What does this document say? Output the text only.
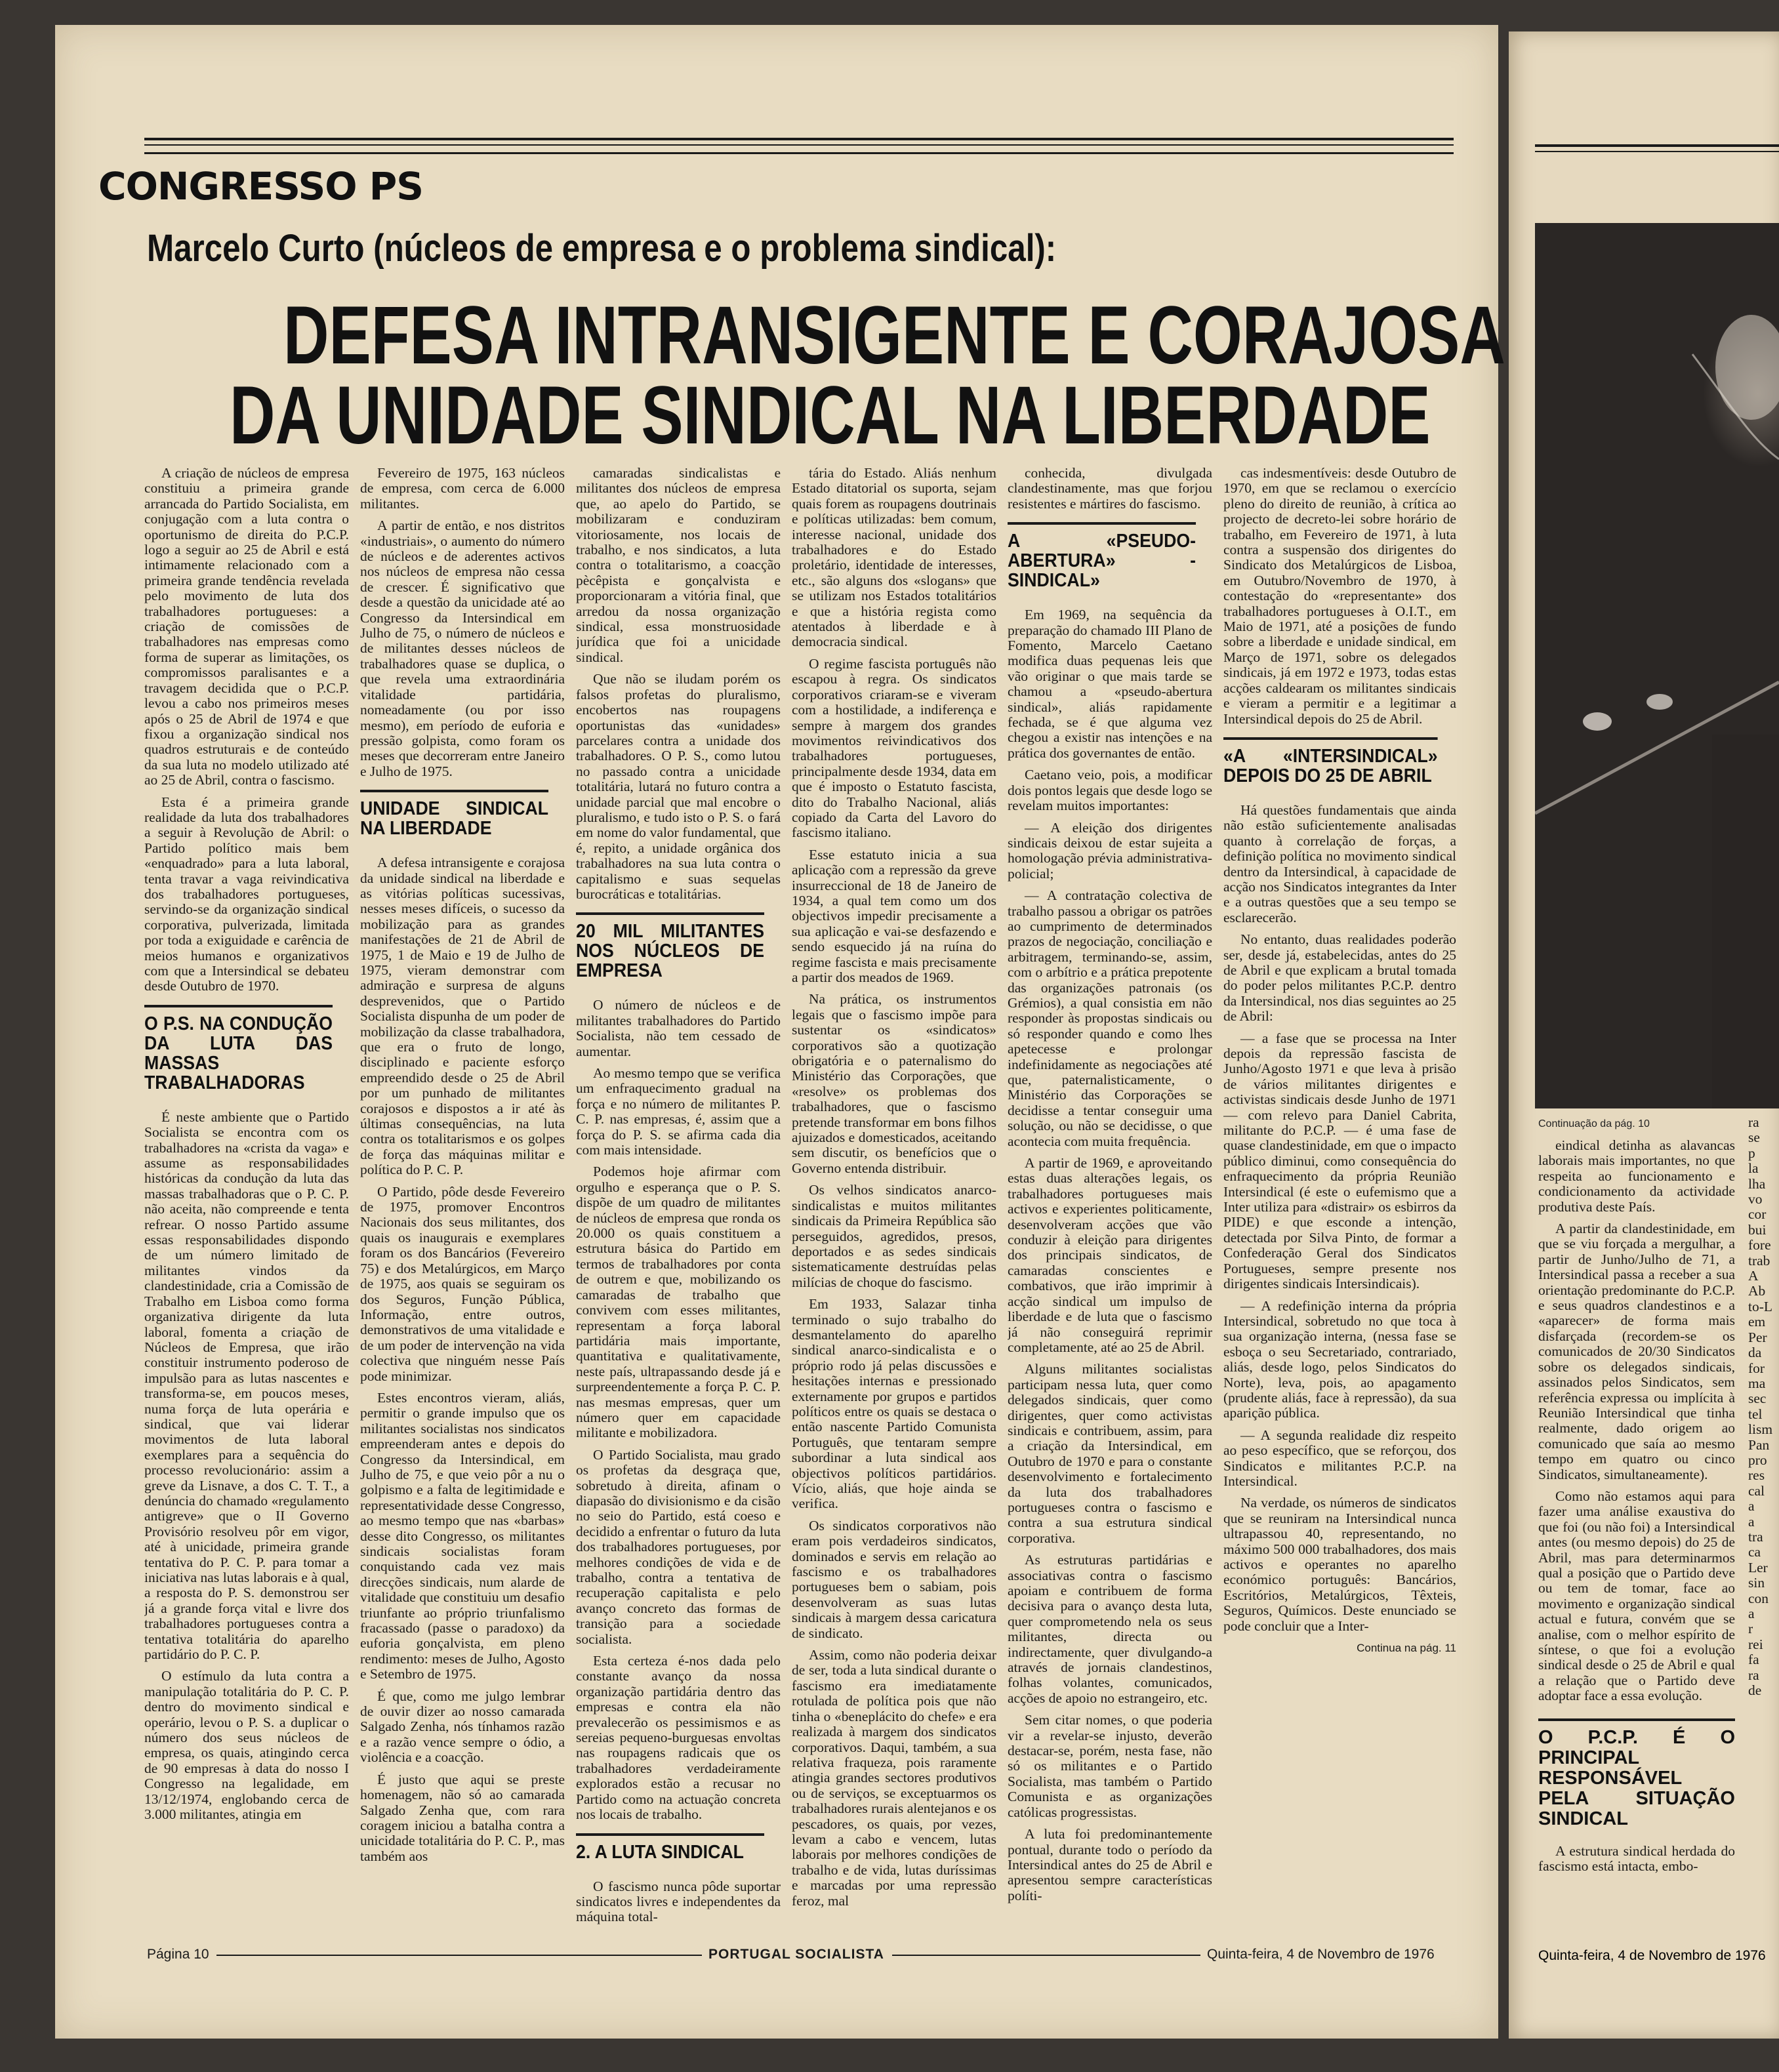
CONGRESSO PS
Marcelo Curto (núcleos de empresa e o problema sindical):
DEFESA INTRANSIGENTE E CORAJOSA
DA UNIDADE SINDICAL NA LIBERDADE

A criação de núcleos de empresa constituiu a primeira grande arrancada do Partido Socialista, em conjugação com a luta contra o oportunismo de direita do P.C.P. logo a seguir ao 25 de Abril e está intimamente relacionado com a primeira grande tendência revelada pelo movimento de luta dos trabalhadores portugueses: a criação de comissões de trabalhadores nas empresas como forma de superar as limitações, os compromissos paralisantes e a travagem decidida que o P.C.P. levou a cabo nos primeiros meses após o 25 de Abril de 1974 e que fixou a organização sindical nos quadros estruturais e de conteúdo da sua luta no modelo utilizado até ao 25 de Abril, contra o fascismo.

Esta é a primeira grande realidade da luta dos trabalhadores a seguir à Revolução de Abril: o Partido político mais bem «enquadrado» para a luta laboral, tenta travar a vaga reivindicativa dos trabalhadores portugueses, servindo-se da organização sindical corporativa, pulverizada, limitada por toda a exiguidade e carência de meios humanos e organizativos com que a Intersindical se debateu desde Outubro de 1970.

O P.S. NA CONDUÇÃO DA LUTA DAS MASSAS TRABALHADORAS

É neste ambiente que o Partido Socialista se encontra com os trabalhadores na «crista da vaga» e assume as responsabilidades históricas da condução da luta das massas trabalhadoras que o P. C. P. não aceita, não compreende e tenta refrear. O nosso Partido assume essas responsabilidades dispondo de um número limitado de militantes vindos da clandestinidade, cria a Comissão de Trabalho em Lisboa como forma organizativa dirigente da luta laboral, fomenta a criação de Núcleos de Empresa, que irão constituir instrumento poderoso de impulsão para as lutas nascentes e transforma-se, em poucos meses, numa força de luta operária e sindical, que vai liderar movimentos de luta laboral exemplares para a sequência do processo revolucionário: assim a greve da Lisnave, a dos C. T. T., a denúncia do chamado «regulamento antigreve» que o II Governo Provisório resolveu pôr em vigor, até à unicidade, primeira grande tentativa do P. C. P. para tomar a iniciativa nas lutas laborais e à qual, a resposta do P. S. demonstrou ser já a grande força vital e livre dos trabalhadores portugueses contra a tentativa totalitária do aparelho partidário do P. C. P.

O estímulo da luta contra a manipulação totalitária do P. C. P. dentro do movimento sindical e operário, levou o P. S. a duplicar o número dos seus núcleos de empresa, os quais, atingindo cerca de 90 empresas à data do nosso I Congresso na legalidade, em 13/12/1974, englobando cerca de 3.000 militantes, atingia em

Fevereiro de 1975, 163 núcleos de empresa, com cerca de 6.000 militantes.

A partir de então, e nos distritos «industriais», o aumento do número de núcleos e de aderentes activos nos núcleos de empresa não cessa de crescer. É significativo que desde a questão da unicidade até ao Congresso da Intersindical em Julho de 75, o número de núcleos e de militantes desses núcleos de trabalhadores quase se duplica, o que revela uma extraordinária vitalidade partidária, nomeadamente (ou por isso mesmo), em período de euforia e pressão golpista, como foram os meses que decorreram entre Janeiro e Julho de 1975.

UNIDADE SINDICAL NA LIBERDADE

A defesa intransigente e corajosa da unidade sindical na liberdade e as vitórias políticas sucessivas, nesses meses difíceis, o sucesso da mobilização para as grandes manifestações de 21 de Abril de 1975, 1 de Maio e 19 de Julho de 1975, vieram demonstrar com admiração e surpresa de alguns desprevenidos, que o Partido Socialista dispunha de um poder de mobilização da classe trabalhadora, que era o fruto de longo, disciplinado e paciente esforço empreendido desde o 25 de Abril por um punhado de militantes corajosos e dispostos a ir até às últimas consequências, na luta contra os totalitarismos e os golpes de força das máquinas militar e política do P. C. P.

O Partido, pôde desde Fevereiro de 1975, promover Encontros Nacionais dos seus militantes, dos quais os inaugurais e exemplares foram os dos Bancários (Fevereiro 75) e dos Metalúrgicos, em Março de 1975, aos quais se seguiram os dos Seguros, Função Pública, Informação, entre outros, demonstrativos de uma vitalidade e de um poder de intervenção na vida colectiva que ninguém nesse País pode minimizar.

Estes encontros vieram, aliás, permitir o grande impulso que os militantes socialistas nos sindicatos empreenderam antes e depois do Congresso da Intersindical, em Julho de 75, e que veio pôr a nu o golpismo e a falta de legitimidade e representatividade desse Congresso, ao mesmo tempo que nas «barbas» desse dito Congresso, os militantes sindicais socialistas foram conquistando cada vez mais direcções sindicais, num alarde de vitalidade que constituiu um desafio triunfante ao próprio triunfalismo fracassado (passe o paradoxo) da euforia gonçalvista, em pleno rendimento: meses de Julho, Agosto e Setembro de 1975.

É que, como me julgo lembrar de ouvir dizer ao nosso camarada Salgado Zenha, nós tínhamos razão e a razão vence sempre o ódio, a violência e a coacção.

É justo que aqui se preste homenagem, não só ao camarada Salgado Zenha que, com rara coragem iniciou a batalha contra a unicidade totalitária do P. C. P., mas também aos

camaradas sindicalistas e militantes dos núcleos de empresa que, ao apelo do Partido, se mobilizaram e conduziram vitoriosamente, nos locais de trabalho, e nos sindicatos, a luta contra o totalitarismo, a coacção pècêpista e gonçalvista e proporcionaram a vitória final, que arredou da nossa organização sindical, essa monstruosidade jurídica que foi a unicidade sindical.

Que não se iludam porém os falsos profetas do pluralismo, encobertos nas roupagens oportunistas das «unidades» parcelares contra a unidade dos trabalhadores. O P. S., como lutou no passado contra a unicidade totalitária, lutará no futuro contra a unidade parcial que mal encobre o pluralismo, e tudo isto o P. S. o fará em nome do valor fundamental, que é, repito, a unidade orgânica dos trabalhadores na sua luta contra o capitalismo e suas sequelas burocráticas e totalitárias.

20 MIL MILITANTES NOS NÚCLEOS DE EMPRESA

O número de núcleos e de militantes trabalhadores do Partido Socialista, não tem cessado de aumentar.

Ao mesmo tempo que se verifica um enfraquecimento gradual na força e no número de militantes P. C. P. nas empresas, é, assim que a força do P. S. se afirma cada dia com mais intensidade.

Podemos hoje afirmar com orgulho e esperança que o P. S. dispõe de um quadro de militantes de núcleos de empresa que ronda os 20.000 os quais constituem a estrutura básica do Partido em termos de trabalhadores por conta de outrem e que, mobilizando os camaradas de trabalho que convivem com esses militantes, representam a força laboral partidária mais importante, quantitativa e qualitativamente, neste país, ultrapassando desde já e surpreendentemente a força P. C. P. nas mesmas empresas, quer um número quer em capacidade militante e mobilizadora.

O Partido Socialista, mau grado os profetas da desgraça que, sobretudo à direita, afinam o diapasão do divisionismo e da cisão no seio do Partido, está coeso e decidido a enfrentar o futuro da luta dos trabalhadores portugueses, por melhores condições de vida e de trabalho, contra a tentativa de recuperação capitalista e pelo avanço concreto das formas de transição para a sociedade socialista.

Esta certeza é-nos dada pelo constante avanço da nossa organização partidária dentro das empresas e contra ela não prevalecerão os pessimismos e as sereias pequeno-burguesas envoltas nas roupagens radicais que os trabalhadores verdadeiramente explorados estão a recusar no Partido como na actuação concreta nos locais de trabalho.

2. A LUTA SINDICAL

O fascismo nunca pôde suportar sindicatos livres e independentes da máquina total-

tária do Estado. Aliás nenhum Estado ditatorial os suporta, sejam quais forem as roupagens doutrinais e políticas utilizadas: bem comum, interesse nacional, unidade dos trabalhadores e do Estado proletário, identidade de interesses, etc., são alguns dos «slogans» que se utilizam nos Estados totalitários e que a história regista como atentados à liberdade e à democracia sindical.

O regime fascista português não escapou à regra. Os sindicatos corporativos criaram-se e viveram com a hostilidade, a indiferença e sempre à margem dos grandes movimentos reivindicativos dos trabalhadores portugueses, principalmente desde 1934, data em que é imposto o Estatuto fascista, dito do Trabalho Nacional, aliás copiado da Carta del Lavoro do fascismo italiano.

Esse estatuto inicia a sua aplicação com a repressão da greve insurreccional de 18 de Janeiro de 1934, a qual tem como um dos objectivos impedir precisamente a sua aplicação e vai-se desfazendo e sendo esquecido já na ruína do regime fascista e mais precisamente a partir dos meados de 1969.

Na prática, os instrumentos legais que o fascismo impõe para sustentar os «sindicatos» corporativos são a quotização obrigatória e o paternalismo do Ministério das Corporações, que «resolve» os problemas dos trabalhadores, que o fascismo pretende transformar em bons filhos ajuizados e domesticados, aceitando sem discutir, os benefícios que o Governo entenda distribuir.

Os velhos sindicatos anarco-sindicalistas e muitos militantes sindicais da Primeira República são perseguidos, agredidos, presos, deportados e as sedes sindicais sistematicamente destruídas pelas milícias de choque do fascismo.

Em 1933, Salazar tinha terminado o sujo trabalho do desmantelamento do aparelho sindical anarco-sindicalista e o próprio rodo já pelas discussões e hesitações internas e pressionado externamente por grupos e partidos políticos entre os quais se destaca o então nascente Partido Comunista Português, que tentaram sempre subordinar a luta sindical aos objectivos políticos partidários. Vício, aliás, que hoje ainda se verifica.

Os sindicatos corporativos não eram pois verdadeiros sindicatos, dominados e servis em relação ao fascismo e os trabalhadores portugueses bem o sabiam, pois desenvolveram as suas lutas sindicais à margem dessa caricatura de sindicato.

Assim, como não poderia deixar de ser, toda a luta sindical durante o fascismo era imediatamente rotulada de política pois que não tinha o «beneplácito do chefe» e era realizada à margem dos sindicatos corporativos. Daqui, também, a sua relativa fraqueza, pois raramente atingia grandes sectores produtivos ou de serviços, se exceptuarmos os trabalhadores rurais alentejanos e os pescadores, os quais, por vezes, levam a cabo e vencem, lutas laborais por melhores condições de trabalho e de vida, lutas duríssimas e marcadas por uma repressão feroz, mal

conhecida, divulgada clandestinamente, mas que forjou resistentes e mártires do fascismo.

A «PSEUDO-ABERTURA» -SINDICAL»

Em 1969, na sequência da preparação do chamado III Plano de Fomento, Marcelo Caetano modifica duas pequenas leis que vão originar o que mais tarde se chamou a «pseudo-abertura sindical», aliás rapidamente fechada, se é que alguma vez chegou a existir nas intenções e na prática dos governantes de então.

Caetano veio, pois, a modificar dois pontos legais que desde logo se revelam muitos importantes:

— A eleição dos dirigentes sindicais deixou de estar sujeita a homologação prévia administrativa-policial;

— A contratação colectiva de trabalho passou a obrigar os patrões ao cumprimento de determinados prazos de negociação, conciliação e arbitragem, terminando-se, assim, com o arbítrio e a prática prepotente das organizações patronais (os Grémios), a qual consistia em não responder às propostas sindicais ou só responder quando e como lhes apetecesse e prolongar indefinidamente as negociações até que, paternalisticamente, o Ministério das Corporações se decidisse a tentar conseguir uma solução, ou não se decidisse, o que acontecia com muita frequência.

A partir de 1969, e aproveitando estas duas alterações legais, os trabalhadores portugueses mais activos e experientes politicamente, desenvolveram acções que vão conduzir à eleição para dirigentes dos principais sindicatos, de camaradas conscientes e combativos, que irão imprimir à acção sindical um impulso de liberdade e de luta que o fascismo já não conseguirá reprimir completamente, até ao 25 de Abril.

Alguns militantes socialistas participam nessa luta, quer como delegados sindicais, quer como dirigentes, quer como activistas sindicais e contribuem, assim, para a criação da Intersindical, em Outubro de 1970 e para o constante desenvolvimento e fortalecimento da luta dos trabalhadores portugueses contra o fascismo e contra a sua estrutura sindical corporativa.

As estruturas partidárias e associativas contra o fascismo apoiam e contribuem de forma decisiva para o avanço desta luta, quer comprometendo nela os seus militantes, directa ou indirectamente, quer divulgando-a através de jornais clandestinos, folhas volantes, comunicados, acções de apoio no estrangeiro, etc.

Sem citar nomes, o que poderia vir a revelar-se injusto, deverão destacar-se, porém, nesta fase, não só os militantes e o Partido Socialista, mas também o Partido Comunista e as organizações católicas progressistas.

A luta foi predominantemente pontual, durante todo o período da Intersindical antes do 25 de Abril e apresentou sempre características políti-

cas indesmentíveis: desde Outubro de 1970, em que se reclamou o exercício pleno do direito de reunião, à crítica ao projecto de decreto-lei sobre horário de trabalho, em Fevereiro de 1971, à luta contra a suspensão dos dirigentes do Sindicato dos Metalúrgicos de Lisboa, em Outubro/Novembro de 1970, à contestação do «representante» dos trabalhadores portugueses à O.I.T., em Maio de 1971, até a posições de fundo sobre a liberdade e unidade sindical, em Março de 1971, sobre os delegados sindicais, já em 1972 e 1973, todas estas acções caldearam os militantes sindicais e vieram a permitir e a legitimar a Intersindical depois do 25 de Abril.

«A «INTERSINDICAL» DEPOIS DO 25 DE ABRIL

Há questões fundamentais que ainda não estão suficientemente analisadas quanto à correlação de forças, a definição política no movimento sindical dentro da Intersindical, à capacidade de acção nos Sindicatos integrantes da Inter e a outras questões que a seu tempo se esclarecerão.

No entanto, duas realidades poderão ser, desde já, estabelecidas, antes do 25 de Abril e que explicam a brutal tomada do poder pelos militantes P.C.P. dentro da Intersindical, nos dias seguintes ao 25 de Abril:

— a fase que se processa na Inter depois da repressão fascista de Junho/Agosto 1971 e que leva à prisão de vários militantes dirigentes e activistas sindicais desde Junho de 1971 — com relevo para Daniel Cabrita, militante do P.C.P. — é uma fase de quase clandestinidade, em que o impacto público diminui, como consequência do enfraquecimento da própria Reunião Intersindical (é este o eufemismo que a Inter utiliza para «distrair» os esbirros da PIDE) e que esconde a intenção, detectada por Silva Pinto, de formar a Confederação Geral dos Sindicatos Portugueses, sempre presente nos dirigentes sindicais Intersindicais).

— A redefinição interna da própria Intersindical, sobretudo no que toca à sua organização interna, (nessa fase se esboça o seu Secretariado, contrariado, aliás, desde logo, pelos Sindicatos do Norte), leva, pois, ao apagamento (prudente aliás, face à repressão), da sua aparição pública.

— A segunda realidade diz respeito ao peso específico, que se reforçou, dos Sindicatos e militantes P.C.P. na Intersindical.

Na verdade, os números de sindicatos que se reuniram na Intersindical nunca ultrapassou 40, representando, no máximo 500 000 trabalhadores, dos mais activos e operantes no aparelho económico português: Bancários, Escritórios, Metalúrgicos, Têxteis, Seguros, Químicos. Deste enunciado se pode concluir que a Inter-

Continua na pág. 11

Página 10	PORTUGAL SOCIALISTA	Quinta-feira, 4 de Novembro de 1976

Continuação da pág. 10

eindical detinha as alavancas laborais mais importantes, no que respeita ao funcionamento e condicionamento da actividade produtiva deste País.

A partir da clandestinidade, em que se viu forçada a mergulhar, a partir de Junho/Julho de 71, a Intersindical passa a receber a sua orientação predominante do P.C.P. e seus quadros clandestinos e a «aparecer» de forma mais disfarçada (recordem-se os comunicados de 20/30 Sindicatos sobre os delegados sindicais, assinados pelos Sindicatos, sem referência expressa ou implícita à Reunião Intersindical que tinha realmente, dado origem ao comunicado que saía ao mesmo tempo em quatro ou cinco Sindicatos, simultaneamente).

Como não estamos aqui para fazer uma análise exaustiva do que foi (ou não foi) a Intersindical antes (ou mesmo depois) do 25 de Abril, mas para determinarmos qual a posição que o Partido deve ou tem de tomar, face ao movimento e organização sindical actual e futura, convém que se analise, com o melhor espírito de síntese, o que foi a evolução sindical desde o 25 de Abril e qual a relação que o Partido deve adoptar face a essa evolução.

O P.C.P. É O PRINCIPAL RESPONSÁVEL PELA SITUAÇÃO SINDICAL

A estrutura sindical herdada do fascismo está intacta, embo-

ra se p la lha vo cor bui fore trab A Ab to-L em Per da for ma sec tel lism Pan pro res cal a a tra ca Ler sin con a r rei fa ra de

Quinta-feira, 4 de Novembro de 1976
